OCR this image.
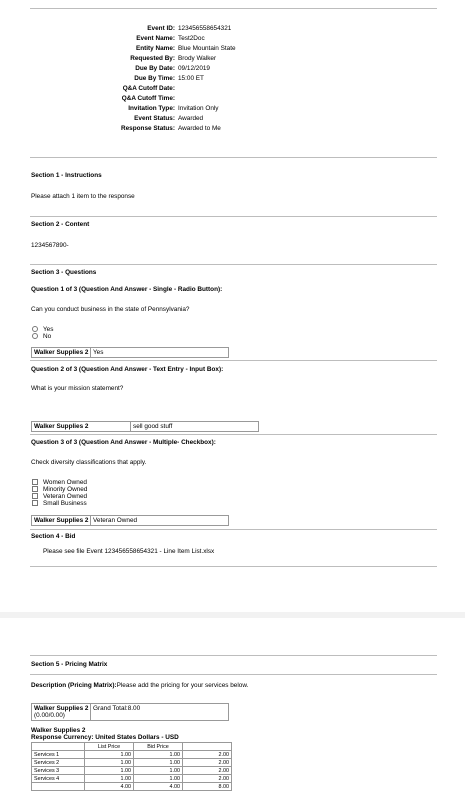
Event ID: 123456558654321
Event Name: Test2Doc
Entity Name: Blue Mountain State
Requested By: Brody Walker
Due By Date: 09/12/2019
Due By Time: 15:00 ET
Q&A Cutoff Date:
Q&A Cutoff Time:
Invitation Type: Invitation Only
Event Status: Awarded
Response Status: Awarded to Me
Section 1 - Instructions
Please attach 1 item to the response
Section 2 - Content
1234567890-
Section 3 - Questions
Question 1 of 3 (Question And Answer - Single - Radio Button):
Can you conduct business in the state of Pennsylvania?
Yes
No
Walker Supplies 2 Yes
Question 2 of 3 (Question And Answer - Text Entry - Input Box):
What is your mission statement?
Walker Supplies 2	sell good stuff
Question 3 of 3 (Question And Answer - Multiple- Checkbox):
Check diversity classifications that apply.
Women Owned
Minority Owned
Veteran Owned
Small Business
Walker Supplies 2 Veteran Owned
Section 4 - Bid
Please see file Event 123456558654321 - Line Item List.xlsx
Section 5 - Pricing Matrix
Description (Pricing Matrix):Please add the pricing for your services below.
Walker Supplies 2
(0.00/0.00)
Grand Total:8.00
Walker Supplies 2
Response Currency: United States Dollars - USD
	List Price	Bid Price	
Services 1	1.00	1.00	2.00
Services 2	1.00	1.00	2.00
Services 3	1.00	1.00	2.00
Services 4	1.00	1.00	2.00
	4.00	4.00	8.00
